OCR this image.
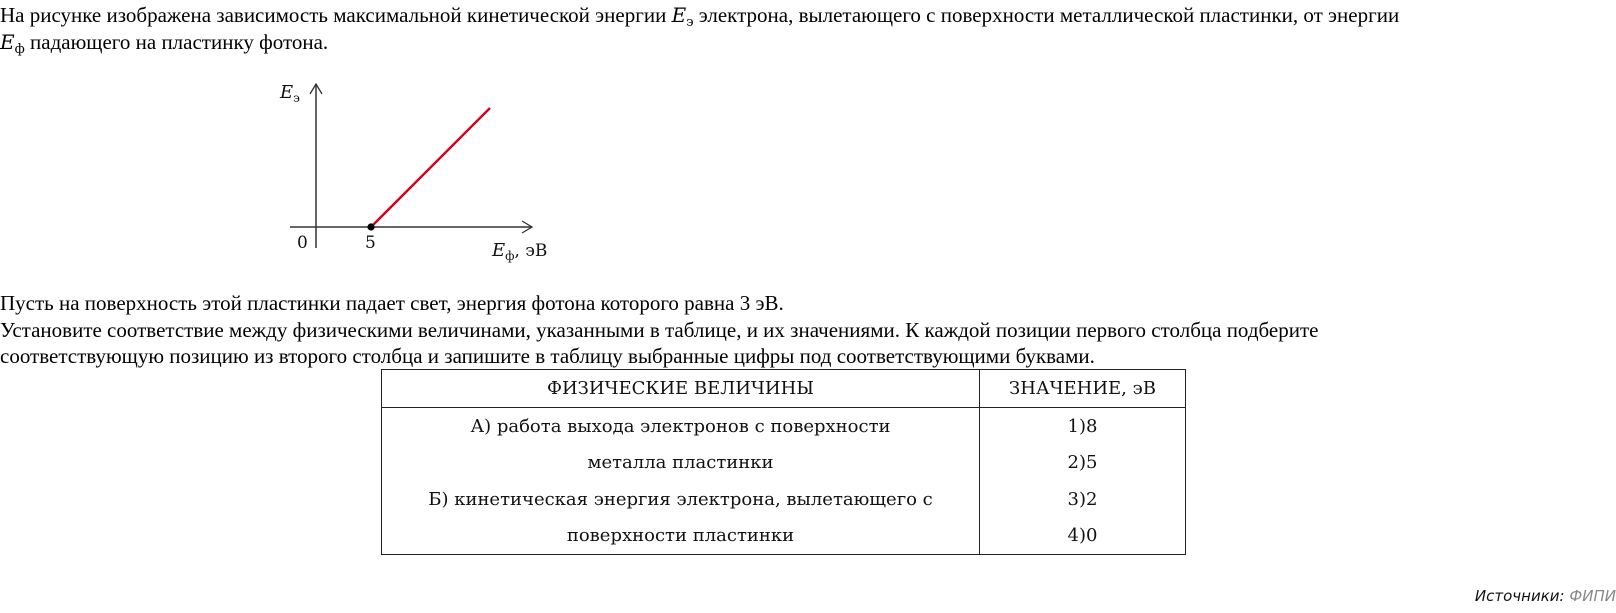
На рисунке изображена зависимость максимальной кинетической энергии $E_э$ электрона, вылетающего с поверхности металлической пластинки, от энергии
$E_ф$ падающего на пластинку фотона.
$E_э$
0	5	$E_ф$, эВ
Пусть на поверхность этой пластинки падает свет, энергия фотона которого равна 3 эВ.
Установите соответствие между физическими величинами, указанными в таблице, и их значениями. К каждой позиции первого столбца подберите
соответствующую позицию из второго столбца и запишите в таблицу выбранные цифры под соответствующими буквами.
ФИЗИЧЕСКИЕ ВЕЛИЧИНЫ	ЗНАЧЕНИЕ, эВ
А) работа выхода электронов с поверхности	1)8
металла пластинки	2)5
Б) кинетическая энергия электрона, вылетающего с	3)2
поверхности пластинки	4)0
Источники: ФИПИ
